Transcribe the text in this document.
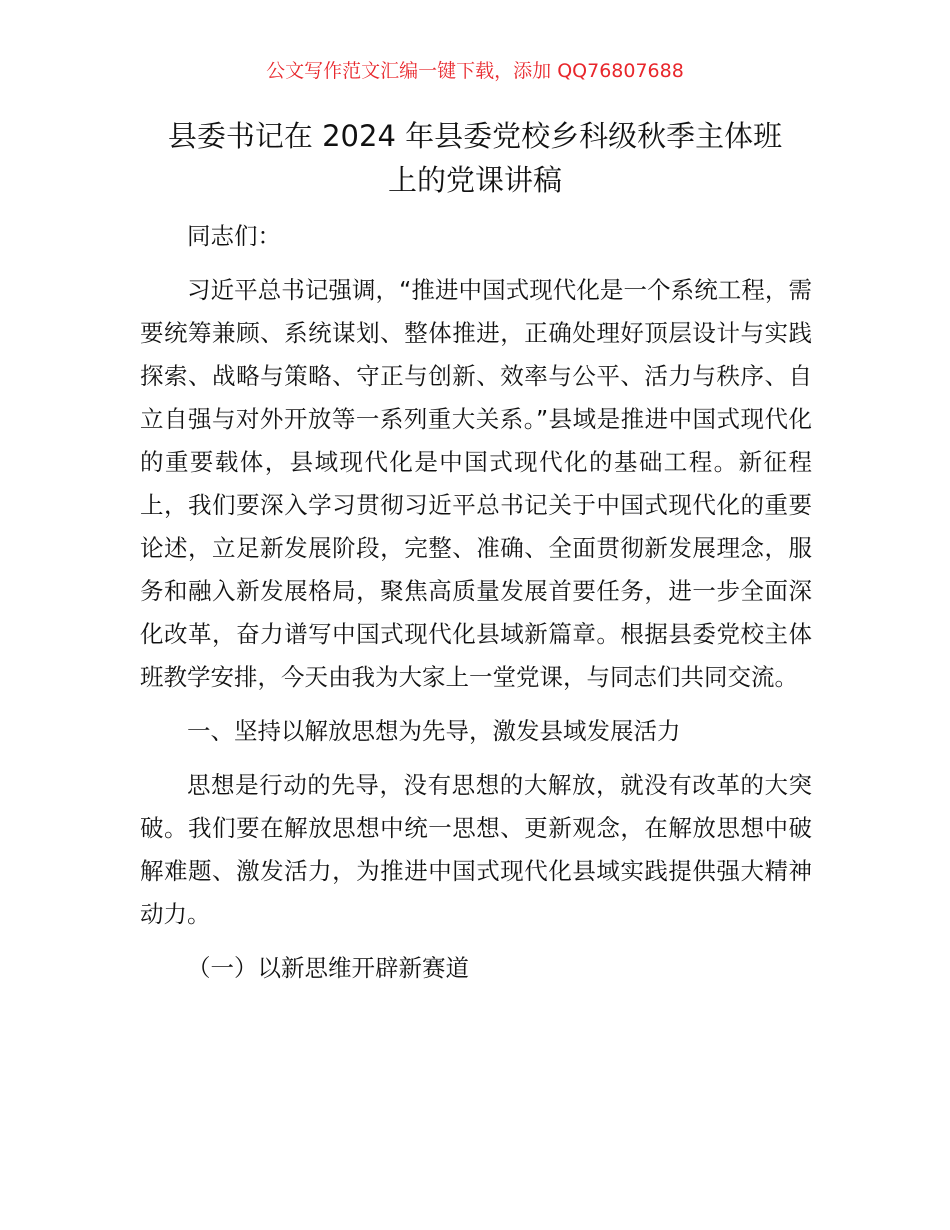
公文写作范文汇编一键下载，添加 QQ76807688
县委书记在 2024 年县委党校乡科级秋季主体班
上的党课讲稿

同志们：

习近平总书记强调，“推进中国式现代化是一个系统工程，需要统筹兼顾、系统谋划、整体推进，正确处理好顶层设计与实践探索、战略与策略、守正与创新、效率与公平、活力与秩序、自立自强与对外开放等一系列重大关系。”县域是推进中国式现代化的重要载体，县域现代化是中国式现代化的基础工程。新征程上，我们要深入学习贯彻习近平总书记关于中国式现代化的重要论述，立足新发展阶段，完整、准确、全面贯彻新发展理念，服务和融入新发展格局，聚焦高质量发展首要任务，进一步全面深化改革，奋力谱写中国式现代化县域新篇章。根据县委党校主体班教学安排，今天由我为大家上一堂党课，与同志们共同交流。

一、坚持以解放思想为先导，激发县域发展活力

思想是行动的先导，没有思想的大解放，就没有改革的大突破。我们要在解放思想中统一思想、更新观念，在解放思想中破解难题、激发活力，为推进中国式现代化县域实践提供强大精神动力。

（一）以新思维开辟新赛道
